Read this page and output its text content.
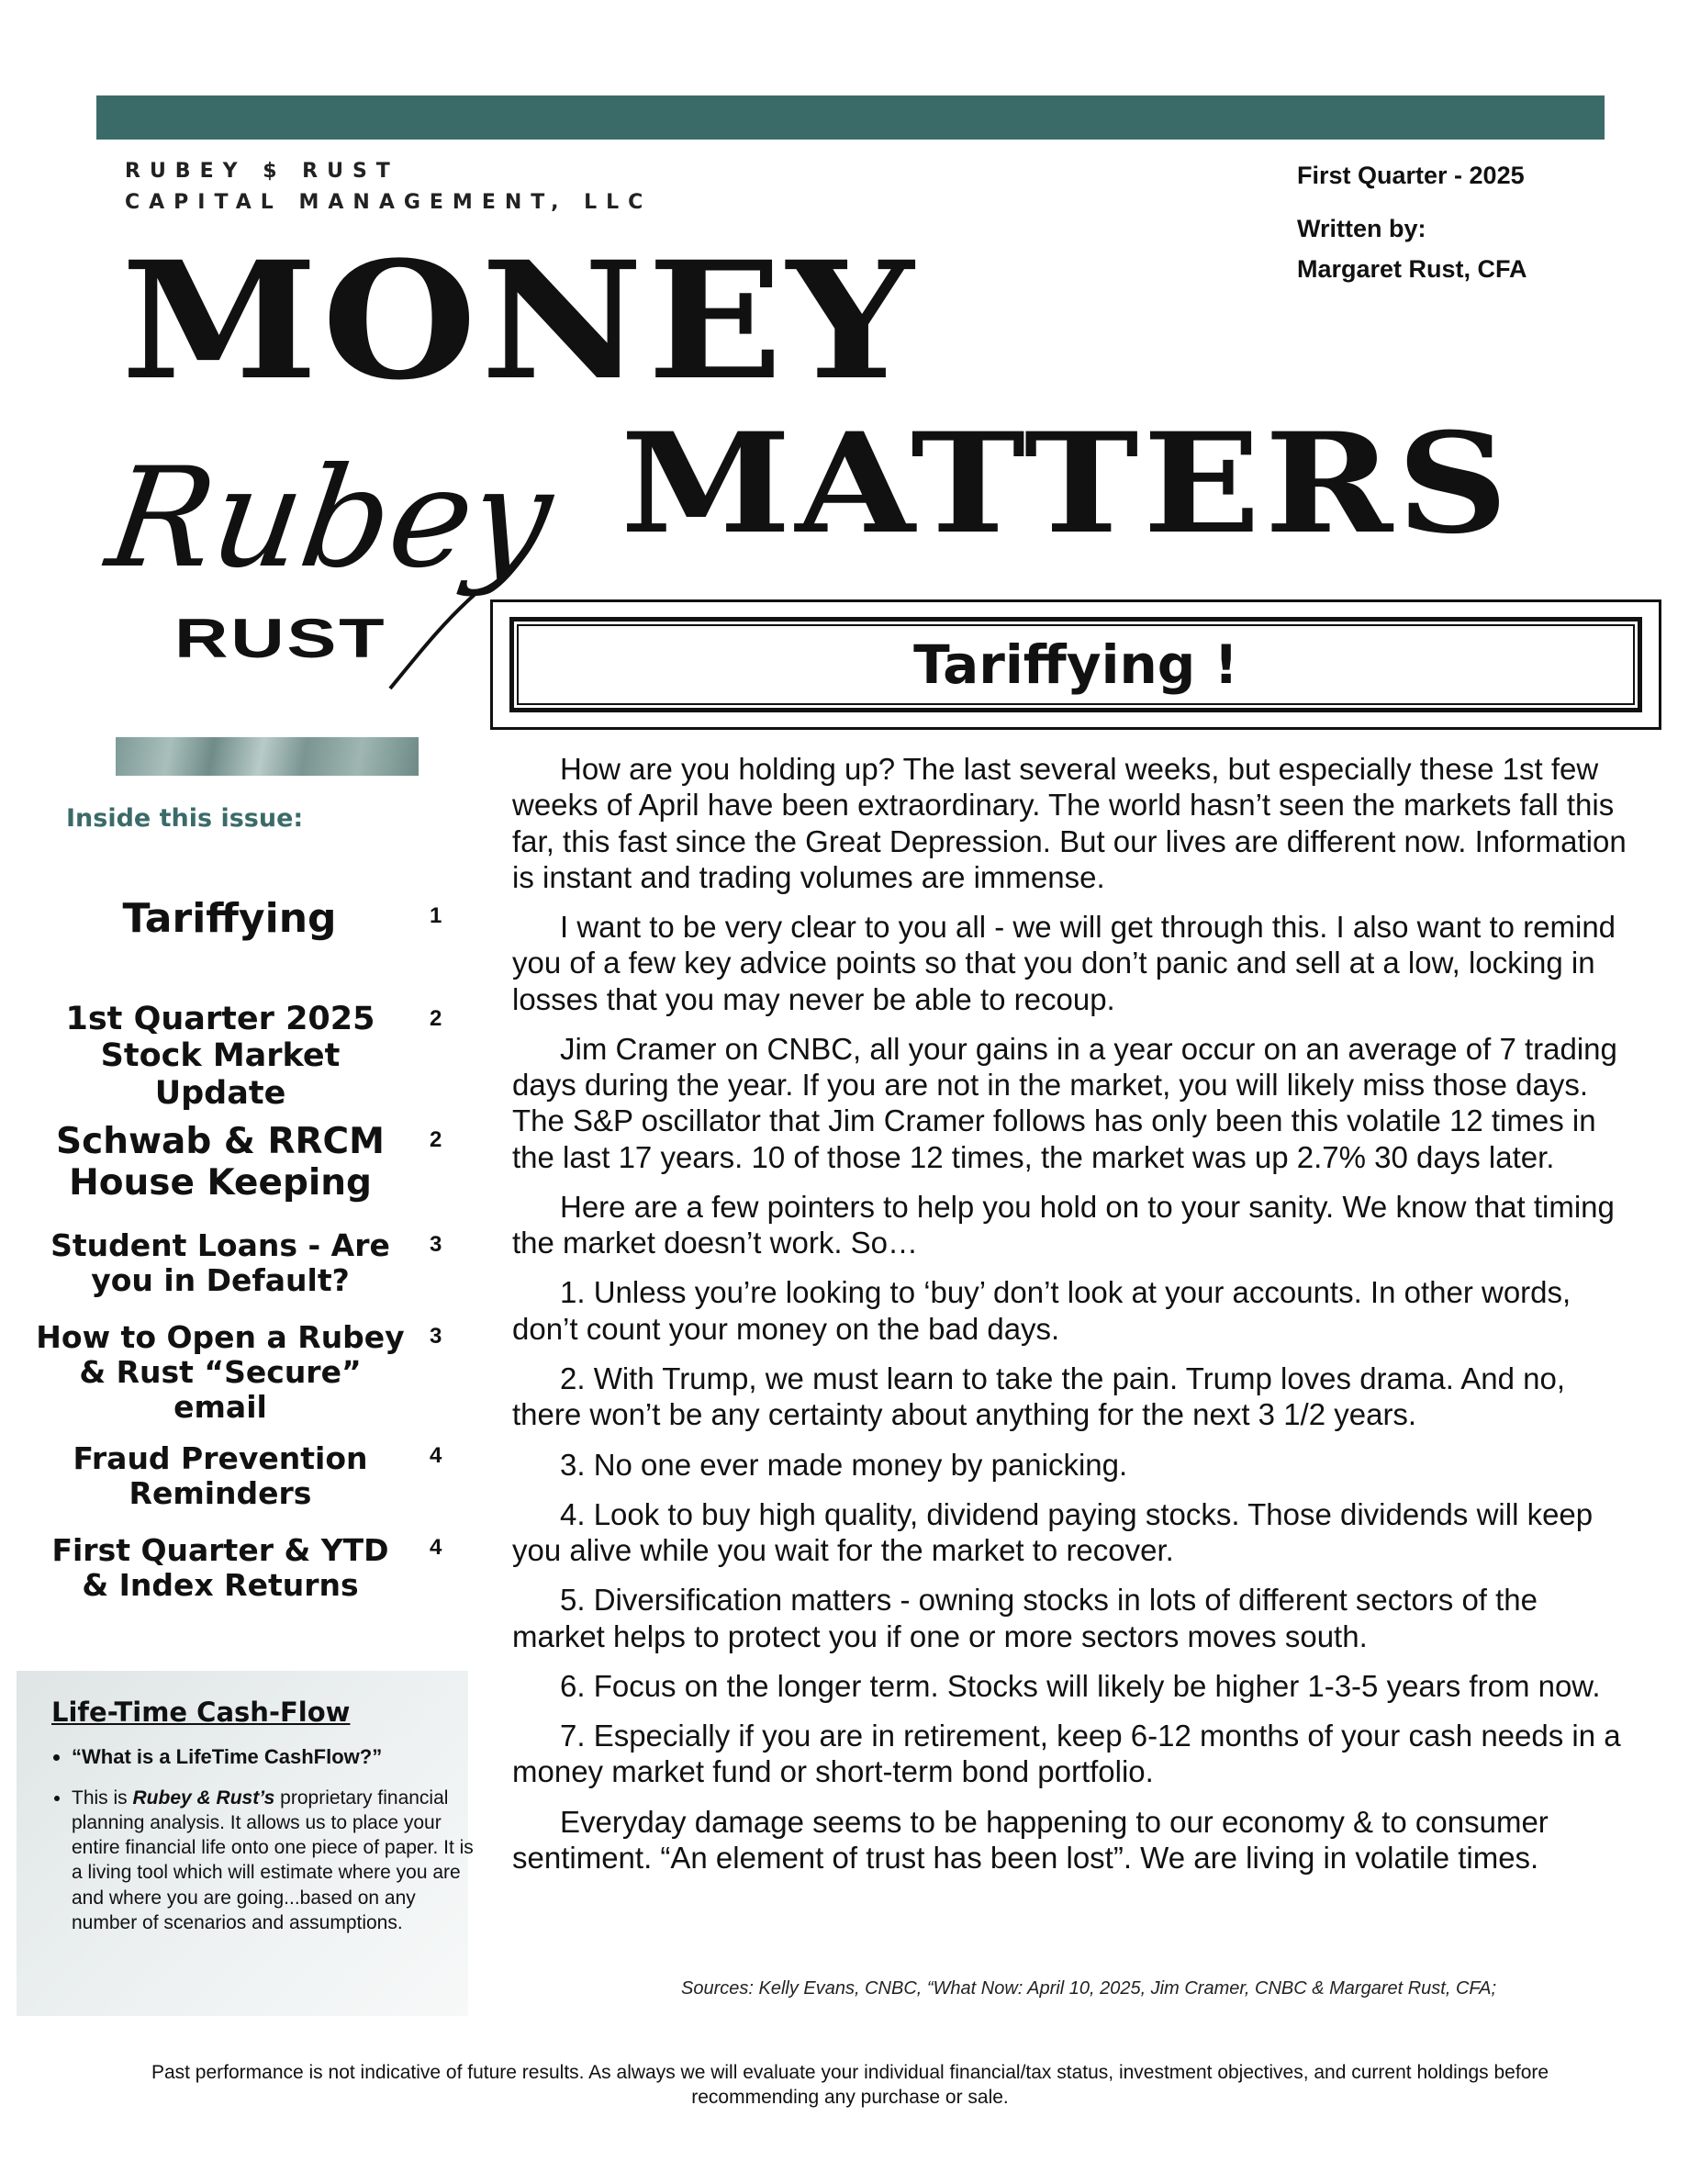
RUBEY $ RUST
CAPITAL MANAGEMENT, LLC
First Quarter - 2025
Written by:
Margaret Rust, CFA
MONEY
MATTERS
Rubey
RUST	Tariffying !
Inside this issue:
Tariffying	1
1st Quarter 2025 Stock Market Update
2
Schwab & RRCM House Keeping
2
Student Loans - Are you in Default?
3
How to Open a Rubey & Rust “Secure” email
3
Fraud Prevention Reminders
4
First Quarter & YTD & Index Returns
4
Life-Time Cash-Flow
• “What is a LifeTime CashFlow?”
• This is Rubey & Rust’s proprietary financial planning analysis. It allows us to place your entire financial life onto one piece of paper. It is a living tool which will estimate where you are and where you are going...based on any number of scenarios and assumptions.

How are you holding up? The last several weeks, but especially these 1st few weeks of April have been extraordinary. The world hasn’t seen the markets fall this far, this fast since the Great Depression. But our lives are different now. Information is instant and trading volumes are immense.

I want to be very clear to you all - we will get through this. I also want to remind you of a few key advice points so that you don’t panic and sell at a low, locking in losses that you may never be able to recoup.

Jim Cramer on CNBC, all your gains in a year occur on an average of 7 trading days during the year. If you are not in the market, you will likely miss those days. The S&P oscillator that Jim Cramer follows has only been this volatile 12 times in the last 17 years. 10 of those 12 times, the market was up 2.7% 30 days later.

Here are a few pointers to help you hold on to your sanity. We know that timing the market doesn’t work. So…

1. Unless you’re looking to ‘buy’ don’t look at your accounts. In other words, don’t count your money on the bad days.

2. With Trump, we must learn to take the pain. Trump loves drama. And no, there won’t be any certainty about anything for the next 3 1/2 years.

3. No one ever made money by panicking.

4. Look to buy high quality, dividend paying stocks. Those dividends will keep you alive while you wait for the market to recover.

5. Diversification matters - owning stocks in lots of different sectors of the market helps to protect you if one or more sectors moves south.

6. Focus on the longer term. Stocks will likely be higher 1-3-5 years from now.

7. Especially if you are in retirement, keep 6-12 months of your cash needs in a money market fund or short-term bond portfolio.

Everyday damage seems to be happening to our economy & to consumer sentiment. “An element of trust has been lost”. We are living in volatile times.

Sources: Kelly Evans, CNBC, “What Now: April 10, 2025, Jim Cramer, CNBC & Margaret Rust, CFA;
Past performance is not indicative of future results. As always we will evaluate your individual financial/tax status, investment objectives, and current holdings before recommending any purchase or sale.
